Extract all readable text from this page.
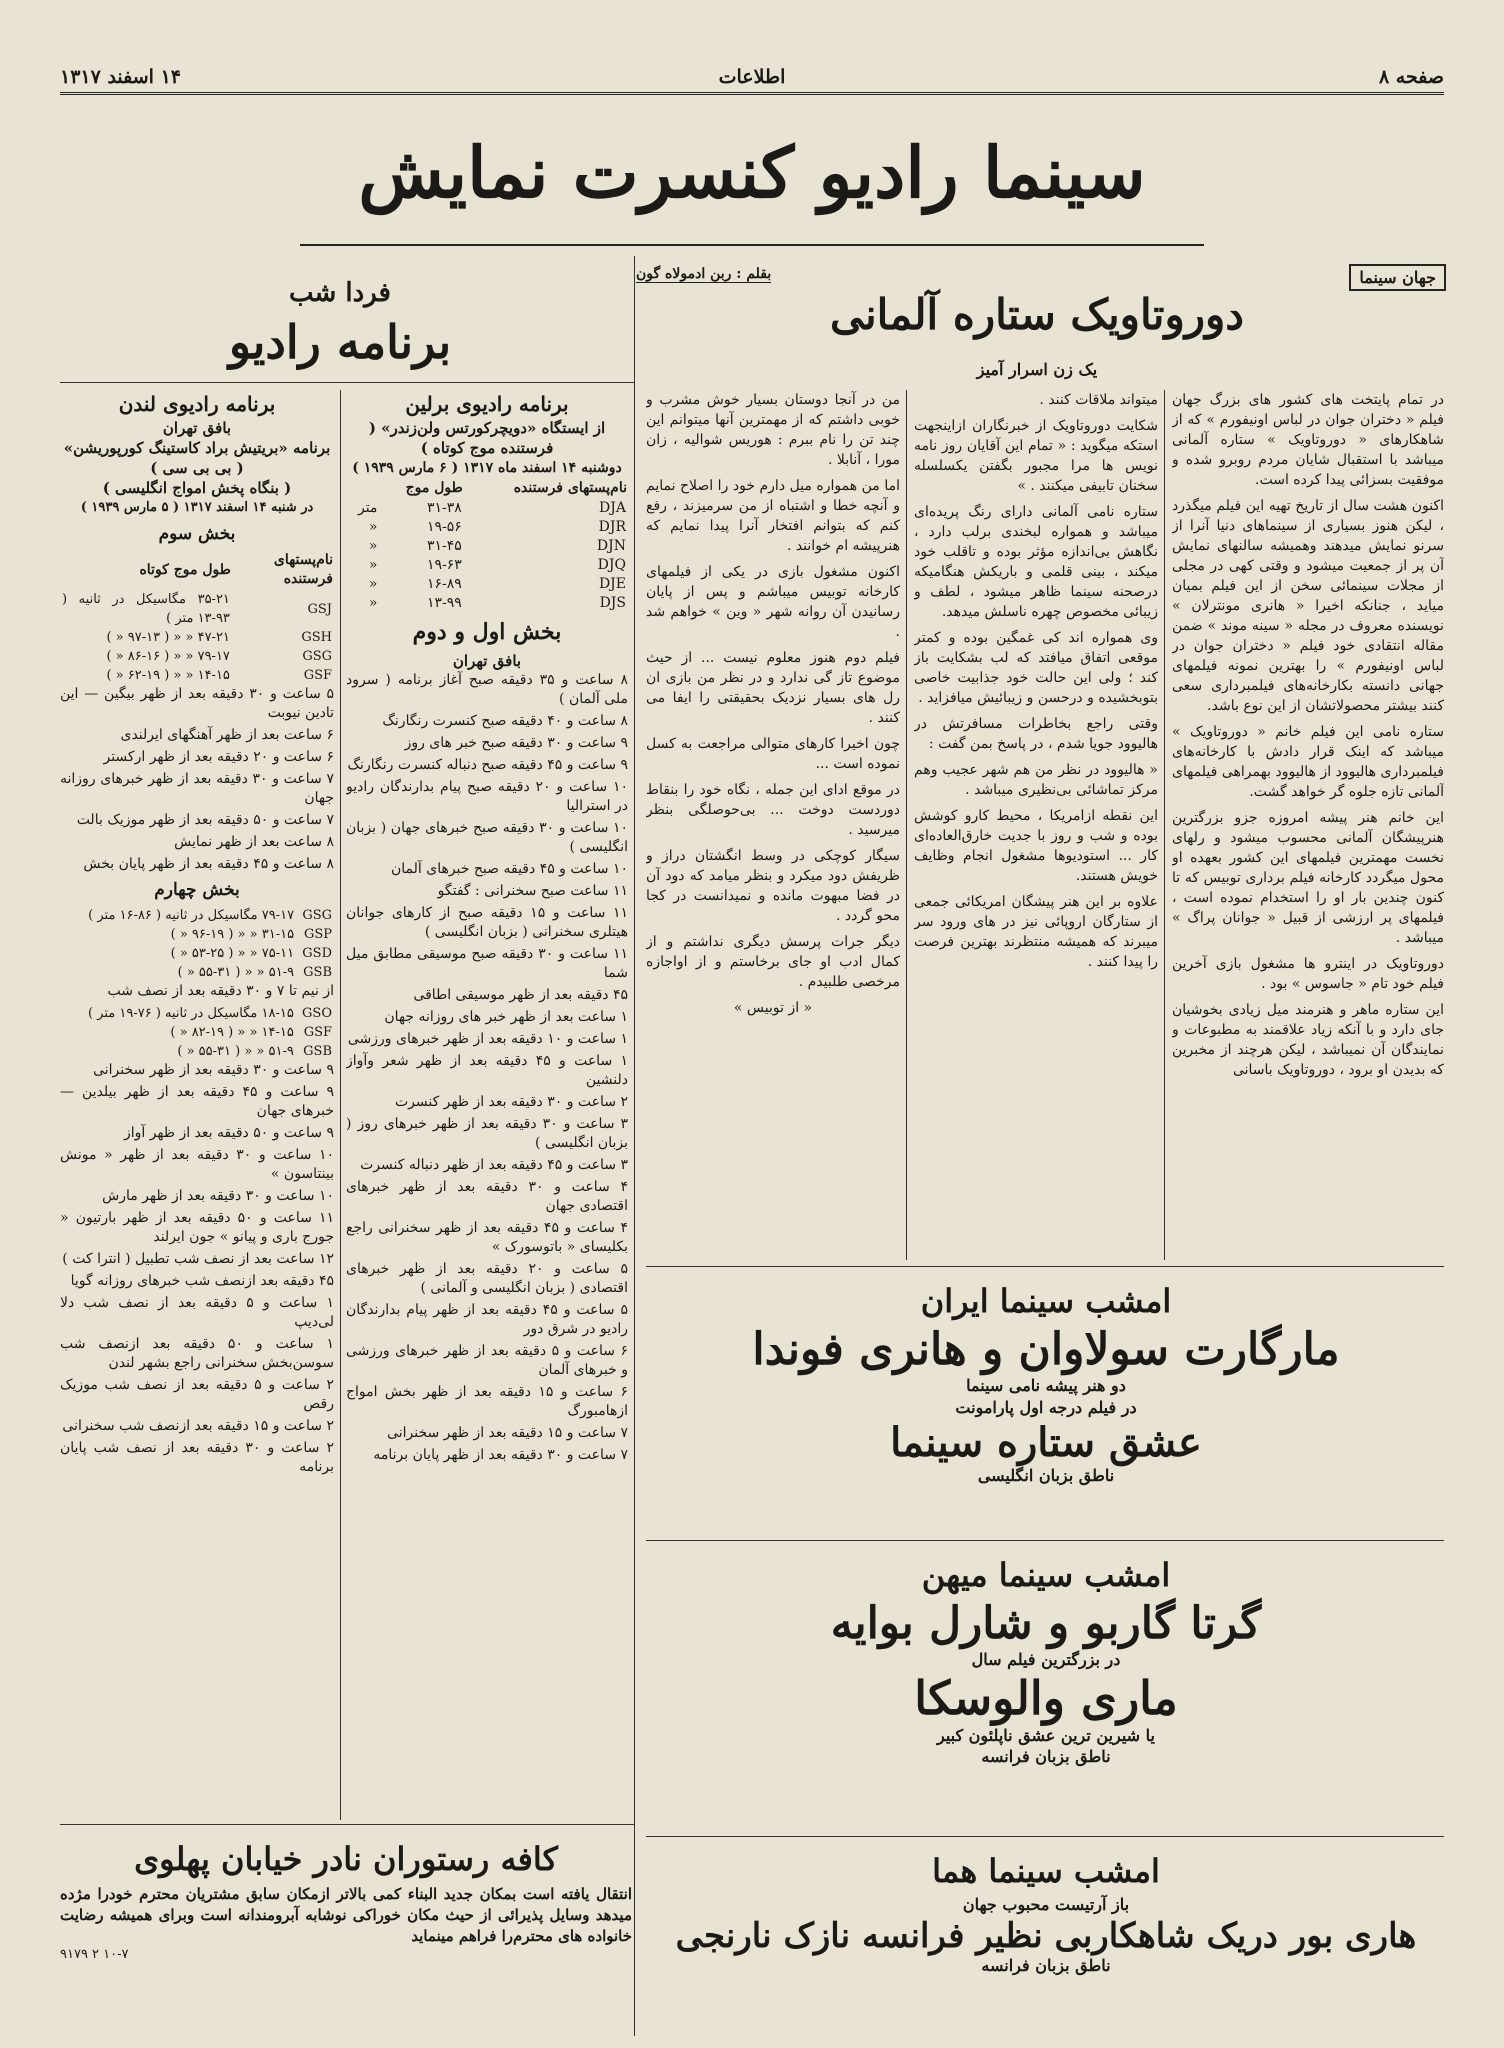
صفحه ۸
اطلاعات
۱۴ اسفند ۱۳۱۷
سینما رادیو کنسرت نمایش
جهان سینما
بقلم : ربن ادمولاه گون
دوروتاویک ستاره آلمانی
یک زن اسرار آمیز

در تمام پایتخت های کشور های بزرگ جهان فیلم « دختران جوان در لباس اونیفورم » که از شاهکارهای « دوروتاویک » ستاره آلمانی میباشد با استقبال شایان مردم روبرو شده و موفقیت بسزائی پیدا کرده است.

اکنون هشت سال از تاریخ تهیه این فیلم میگذرد ، لیکن هنوز بسیاری از سینماهای دنیا آنرا از سرنو نمایش میدهند وهمیشه سالنهای نمایش آن پر از جمعیت میشود و وقتی کهی در مجلی از مجلات سینمائی سخن از این فیلم بمیان میاید ، جنانکه اخیرا « هانری مونترلان » نویسنده معروف در مجله « سینه موند » ضمن مقاله انتقادی خود فیلم « دختران جوان در لباس اونیفورم » را بهترین نمونه فیلمهای جهانی دانسته بکارخانه‌های فیلمبرداری سعی کنند بیشتر محصولاتشان از این نوع باشد.

ستاره نامی این فیلم خانم « دوروتاویک » میباشد که اینک قرار دادش با کارخانه‌های فیلمبرداری هالیوود از هالیوود بهمراهی فیلمهای آلمانی تازه جلوه گر خواهد گشت.

این خانم هنر پیشه امروزه جزو بزرگترین هنرپیشگان آلمانی محسوب میشود و رلهای نخست مهمترین فیلمهای این کشور بعهده او محول میگردد کارخانه فیلم برداری توبیس که تا کنون چندین بار او را استخدام نموده است ، فیلمهای پر ارزشی از قبیل « جوانان پراگ » میباشد .

دوروتاویک در اینترو ها مشغول بازی آخرین فیلم خود تام « جاسوس » بود .

این ستاره ماهر و هنرمند میل زیادی بخوشیان جای دارد و با آنکه زیاد علاقمند به مطبوعات و نمایندگان آن نمیباشد ، لیکن هرچند از مخبرین که بدیدن او برود ، دوروتاویک باسانی

میتواند ملاقات کنند .

شکایت دوروتاویک از خبرنگاران ازاینجهت استکه میگوید : « تمام این آقایان روز نامه نویس ها مرا مجبور بگفتن یکسلسله سخنان تابیفی میکنند . »

ستاره نامی آلمانی دارای رنگ پریده‌ای میباشد و همواره لبخندی برلب دارد ، نگاهش بی‌اندازه مؤثر بوده و تاقلب خود میکند ، بینی قلمی و باریکش هنگامیکه درصحنه سینما ظاهر میشود ، لطف و زیبائی مخصوص چهره ناسلش میدهد.

وی همواره اند کی غمگین بوده و کمتر موقعی اتفاق میافتد که لب بشکایت باز کند ؛ ولی این حالت خود جذابیت خاصی بتوبخشیده و درحسن و زیبائیش میافزاید .

وقتی راجع بخاطرات مسافرتش در هالیوود جویا شدم ، در پاسخ بمن گفت :

« هالیوود در نظر من هم شهر عجیب وهم مرکز تماشائی بی‌نظیری میباشد .

این نقطه ازامریکا ، محیط کارو کوشش بوده و شب و روز با جدیت خارق‌العاده‌ای کار ... استودیوها مشغول انجام وظایف خویش هستند.

علاوه بر این هنر پیشگان امریکائی جمعی از ستارگان اروپائی نیز در های ورود سر میبرند که همیشه منتظرند بهترین فرصت را پیدا کنند .

من در آنجا دوستان بسیار خوش مشرب و خوبی داشتم که از مهمترین آنها میتوانم این چند تن را نام ببرم : هوریس شواليه ، زان مورا ، آنابلا .

اما من همواره میل دارم خود را اصلاح نمایم و آنچه خطا و اشتباه از من سرمیزند ، رفع کنم که بتوانم افتخار آنرا پیدا نمایم که هنرپیشه ام خوانند .

اکنون مشغول بازی در یکی از فیلمهای کارخانه توبیس میباشم و پس از پایان رسانیدن آن روانه شهر « وین » خواهم شد .

فیلم دوم هنوز معلوم نیست ... از حیث موضوع تاز گی ندارد و در نظر من بازی ان رل های بسیار نزدیک بحقیقتی را ایفا می کنند .

چون اخیرا کارهای متوالی مراجعت به کسل نموده است ...

در موقع ادای این جمله ، نگاه خود را بنقاط دوردست دوخت ... بی‌حوصلگی بنظر میرسید .

سیگار کوچکی در وسط انگشتان دراز و ظریفش دود میکرد و بنظر میامد که دود آن در فضا مبهوت مانده و نمیدانست در کجا محو گردد .

دیگر جرات پرسش دیگری نداشتم و از کمال ادب او جای برخاستم و از اواجازه مرخصی طلبیدم .

« از توبیس »

فردا شب
برنامه رادیو
برنامه رادیوی برلین
از ایستگاه «دویچرکورتس ولن‌زندر» ( فرستنده موج کوتاه )
دوشنبه ۱۴ اسفند ماه ۱۳۱۷ ( ۶ مارس ۱۹۳۹ )
نام‌پستهای فرستنده	طول موج	
DJA	۳۱-۳۸	متر
DJR	۱۹-۵۶	«
DJN	۳۱-۴۵	«
DJQ	۱۹-۶۳	«
DJE	۱۶-۸۹	«
DJS	۱۳-۹۹	«
بخش اول و دوم
بافق تهران
۸ ساعت و ۳۵ دقیقه صبح آغاز برنامه ( سرود ملی آلمان )
۸ ساعت و ۴۰ دقیقه صبح کنسرت رنگارنگ
۹ ساعت و ۳۰ دقیقه صبح خبر های روز
۹ ساعت و ۴۵ دقیقه صبح دنباله کنسرت رنگارنگ
۱۰ ساعت و ۲۰ دقیقه صبح پیام بدارندگان رادیو در استرالیا
۱۰ ساعت و ۳۰ دقیقه صبح خبرهای جهان ( بزبان انگلیسی )
۱۰ ساعت و ۴۵ دقیقه صبح خبرهای آلمان
۱۱ ساعت صبح سخنرانی : گفتگو
۱۱ ساعت و ۱۵ دقیقه صبح از کارهای جوانان هیتلری سخنرانی ( بزبان انگلیسی )
۱۱ ساعت و ۳۰ دقیقه صبح موسیقی مطابق میل شما
۴۵ دقیقه بعد از ظهر موسیقی اطاقی
۱ ساعت بعد از ظهر خبر های روزانه جهان
۱ ساعت و ۱۰ دقیقه بعد از ظهر خبرهای ورزشی
۱ ساعت و ۴۵ دقیقه بعد از ظهر شعر وآواز دلنشین
۲ ساعت و ۳۰ دقیقه بعد از ظهر کنسرت
۳ ساعت و ۳۰ دقیقه بعد از ظهر خبرهای روز ( بزبان انگلیسی )
۳ ساعت و ۴۵ دقیقه بعد از ظهر دنباله کنسرت
۴ ساعت و ۳۰ دقیقه بعد از ظهر خبرهای اقتصادی جهان
۴ ساعت و ۴۵ دقیقه بعد از ظهر سخنرانی راجع بکلیسای « باتوسورک »
۵ ساعت و ۲۰ دقیقه بعد از ظهر خبرهای اقتصادی ( بزبان انگلیسی و آلمانی )
۵ ساعت و ۴۵ دقیقه بعد از ظهر پیام بدارندگان رادیو در شرق دور
۶ ساعت و ۵ دقیقه بعد از ظهر خبرهای ورزشی و خبرهای آلمان
۶ ساعت و ۱۵ دقیقه بعد از ظهر بخش امواج ازهامبورگ
۷ ساعت و ۱۵ دقیقه بعد از ظهر سخنرانی
۷ ساعت و ۳۰ دقیقه بعد از ظهر پایان برنامه
برنامه رادیوی لندن
بافق تهران
برنامه «بریتیش براد کاستینگ کورپوریشن» ( بی بی سی )
( بنگاه پخش امواج انگلیسی )
در شنبه ۱۴ اسفند ۱۳۱۷ ( ۵ مارس ۱۹۳۹ )
بخش سوم
نام‌پستهای فرستنده	طول موج کوتاه
GSJ	۳۵-۲۱ مگاسیکل در ثانیه ( ۹۳-۱۳ متر )
GSH	۴۷-۲۱ « « ( ۹۷-۱۳ « )
GSG	۷۹-۱۷ « « ( ۸۶-۱۶ « )
GSF	۱۴-۱۵ « « ( ۶۲-۱۹ « )
۵ ساعت و ۳۰ دقیقه بعد از ظهر بیگین — این تادین نیوبت
۶ ساعت بعد از ظهر آهنگهای ایرلندی
۶ ساعت و ۲۰ دقیقه بعد از ظهر ارکستر
۷ ساعت و ۳۰ دقیقه بعد از ظهر خبرهای روزانه جهان
۷ ساعت و ۵۰ دقیقه بعد از ظهر موزیک بالت
۸ ساعت بعد از ظهر نمایش
۸ ساعت و ۴۵ دقیقه بعد از ظهر پایان بخش
بخش چهارم
GSG	۷۹-۱۷ مگاسیکل در ثانیه ( ۸۶-۱۶ متر )
GSP	۳۱-۱۵ « « ( ۹۶-۱۹ « )
GSD	۷۵-۱۱ « « ( ۵۳-۲۵ « )
GSB	۵۱-۹ « « ( ۵۵-۳۱ « )
از نیم تا ۷ و ۳۰ دقیقه بعد از نصف شب
GSO	۱۸-۱۵ مگاسیکل در ثانیه ( ۷۶-۱۹ متر )
GSF	۱۴-۱۵ « « ( ۸۲-۱۹ « )
GSB	۵۱-۹ « « ( ۵۵-۳۱ « )
۹ ساعت و ۳۰ دقیقه بعد از ظهر سخنرانی
۹ ساعت و ۴۵ دقیقه بعد از ظهر بیلدین — خبرهای جهان
۹ ساعت و ۵۰ دقیقه بعد از ظهر آواز
۱۰ ساعت و ۳۰ دقیقه بعد از ظهر « مونش بینتاسون »
۱۰ ساعت و ۳۰ دقیقه بعد از ظهر مارش
۱۱ ساعت و ۵۰ دقیقه بعد از ظهر بارتیون « جورج باری و پیانو » جون ایرلند
۱۲ ساعت بعد از نصف شب تطبیل ( انترا کت )
۴۵ دقیقه بعد ازنصف شب خبرهای روزانه گویا
۱ ساعت و ۵ دقیقه بعد از نصف شب دلا لی‌دیپ
۱ ساعت و ۵۰ دقیقه بعد ازنصف شب سوسن‌بخش سخنرانی راجع بشهر لندن
۲ ساعت و ۵ دقیقه بعد از نصف شب موزیک رقص
۲ ساعت و ۱۵ دقیقه بعد ازنصف شب سخنرانی
۲ ساعت و ۳۰ دقیقه بعد از نصف شب پایان برنامه
کافه رستوران نادر خیابان پهلوی
انتقال یافته است بمکان جدید البناء کمی بالاتر ازمکان سابق مشتریان محترم خودرا مژده میدهد وسایل پذیرائی از حیث مکان خوراکی نوشابه آبرومندانه است وبرای همیشه رضایت خانواده های محترم‌را فراهم مینماید
۹۱۷۹ ۲ ۱۰-۷
امشب سینما ایران
مارگارت سولاوان و هانری فوندا
دو هنر پیشه نامی سینما
در فیلم درجه اول پارامونت
عشق ستاره سینما
ناطق بزبان انگلیسی
امشب سینما میهن
گرتا گاربو و شارل بوایه
در بزرگترین فیلم سال
ماری والوسکا
یا شیرین ترین عشق ناپلئون کبیر
ناطق بزبان فرانسه
امشب سینما هما
باز آرتیست محبوب جهان
هاری بور دریک شاهکاربی نظیر فرانسه نازک نارنجی
ناطق بزبان فرانسه
